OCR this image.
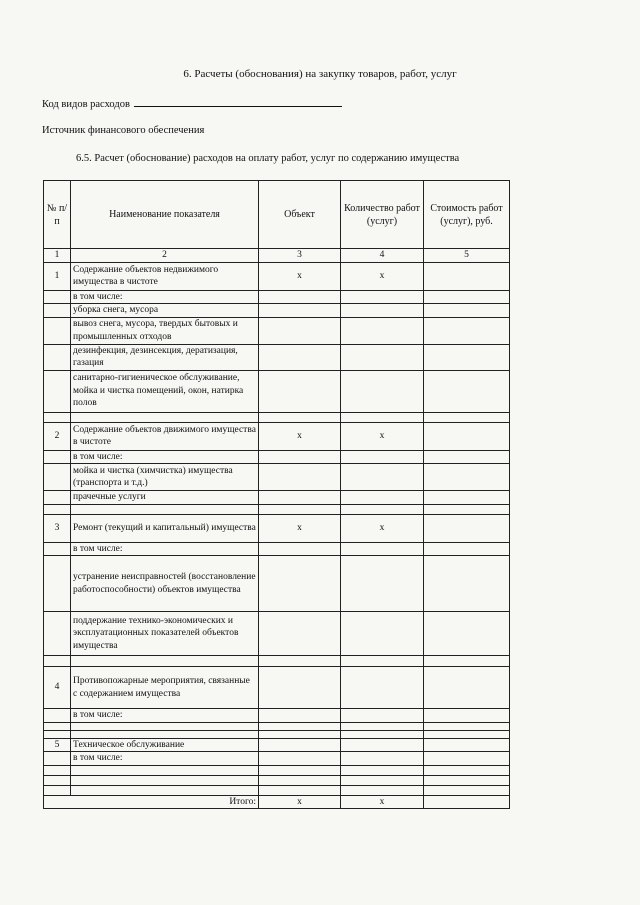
6. Расчеты (обоснования) на закупку товаров, работ, услуг
Код видов расходов
Источник финансового обеспечения
6.5. Расчет (обоснование) расходов на оплату работ, услуг по содержанию имущества
№ п/п	Наименование показателя	Объект	Количество работ (услуг)	Стоимость работ (услуг), руб.
1	2	3	4	5
1	Содержание объектов недвижимого имущества в чистоте	x	x	
	в том числе:			
	уборка снега, мусора			
	вывоз снега, мусора, твердых бытовых и промышленных отходов			
	дезинфекция, дезинсекция, дератизация, газация			
	санитарно-гигиеническое обслуживание, мойка и чистка помещений, окон, натирка полов			

2	Содержание объектов движимого имущества в чистоте	x	x	
	в том числе:			
	мойка и чистка (химчистка) имущества (транспорта и т.д.)			
	прачечные услуги			

3	Ремонт (текущий и капитальный) имущества	x	x	
	в том числе:			
	устранение неисправностей (восстановление работоспособности) объектов имущества			
	поддержание технико-экономических и эксплуатационных показателей объектов имущества			

4	Противопожарные мероприятия, связанные с содержанием имущества			
	в том числе:			

5	Техническое обслуживание			
	в том числе:			

Итого:		x	x	
